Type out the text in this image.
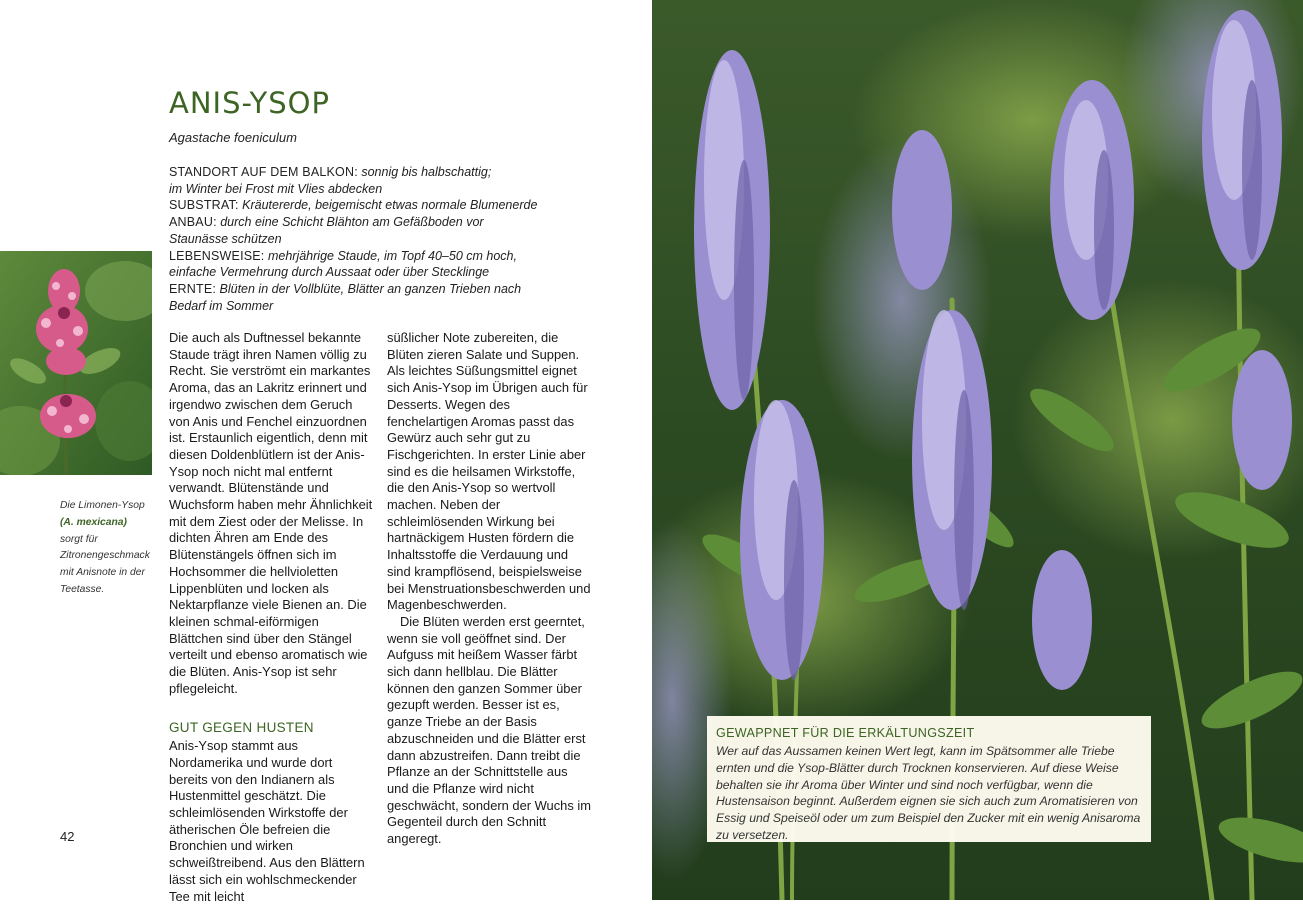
ANIS-YSOP
Agastache foeniculum
STANDORT AUF DEM BALKON: sonnig bis halbschattig;
im Winter bei Frost mit Vlies abdecken
SUBSTRAT: Kräutererde, beigemischt etwas normale Blumenerde
ANBAU: durch eine Schicht Blähton am Gefäßboden vor
Staunässe schützen
LEBENSWEISE: mehrjährige Staude, im Topf 40–50 cm hoch,
einfache Vermehrung durch Aussaat oder über Stecklinge
ERNTE: Blüten in der Vollblüte, Blätter an ganzen Trieben nach
Bedarf im Sommer

Die auch als Duftnessel bekannte Staude trägt ihren Namen völlig zu Recht. Sie verströmt ein markantes Aroma, das an Lakritz erinnert und irgendwo zwischen dem Geruch von Anis und Fenchel einzuordnen ist. Erstaunlich eigentlich, denn mit diesen Doldenblütlern ist der Anis-Ysop noch nicht mal entfernt verwandt. Blütenstände und Wuchsform haben mehr Ähnlichkeit mit dem Ziest oder der Melisse. In dichten Ähren am Ende des Blütenstängels öffnen sich im Hochsommer die hellvioletten Lippenblüten und locken als Nektarpflanze viele Bienen an. Die kleinen schmal-eiförmigen Blättchen sind über den Stängel verteilt und ebenso aromatisch wie die Blüten. Anis-Ysop ist sehr pflegeleicht.

GUT GEGEN HUSTEN

Anis-Ysop stammt aus Nordamerika und wurde dort bereits von den Indianern als Hustenmittel geschätzt. Die schleimlösenden Wirkstoffe der ätherischen Öle befreien die Bronchien und wirken schweißtreibend. Aus den Blättern lässt sich ein wohlschmeckender Tee mit leicht

süßlicher Note zubereiten, die Blüten zieren Salate und Suppen. Als leichtes Süßungsmittel eignet sich Anis-Ysop im Übrigen auch für Desserts. Wegen des fenchelartigen Aromas passt das Gewürz auch sehr gut zu Fischgerichten. In erster Linie aber sind es die heilsamen Wirkstoffe, die den Anis-Ysop so wertvoll machen. Neben der schleimlösenden Wirkung bei hartnäckigem Husten fördern die Inhaltsstoffe die Verdauung und sind krampflösend, beispielsweise bei Menstruationsbeschwerden und Magenbeschwerden.

Die Blüten werden erst geerntet, wenn sie voll geöffnet sind. Der Aufguss mit heißem Wasser färbt sich dann hellblau. Die Blätter können den ganzen Sommer über gezupft werden. Besser ist es, ganze Triebe an der Basis abzuschneiden und die Blätter erst dann abzustreifen. Dann treibt die Pflanze an der Schnittstelle aus und die Pflanze wird nicht geschwächt, sondern der Wuchs im Gegenteil durch den Schnitt angeregt.

Die Limonen-Ysop (A. mexicana) sorgt für Zitronengeschmack mit Anisnote in der Teetasse.
42
GEWAPPNET FÜR DIE ERKÄLTUNGSZEIT
Wer auf das Aussamen keinen Wert legt, kann im Spätsommer alle Triebe ernten und die Ysop-Blätter durch Trocknen konservieren. Auf diese Weise behalten sie ihr Aroma über Winter und sind noch verfügbar, wenn die Hustensaison beginnt. Außerdem eignen sie sich auch zum Aromatisieren von Essig und Speiseöl oder um zum Beispiel den Zucker mit ein wenig Anisaroma zu versetzen.
